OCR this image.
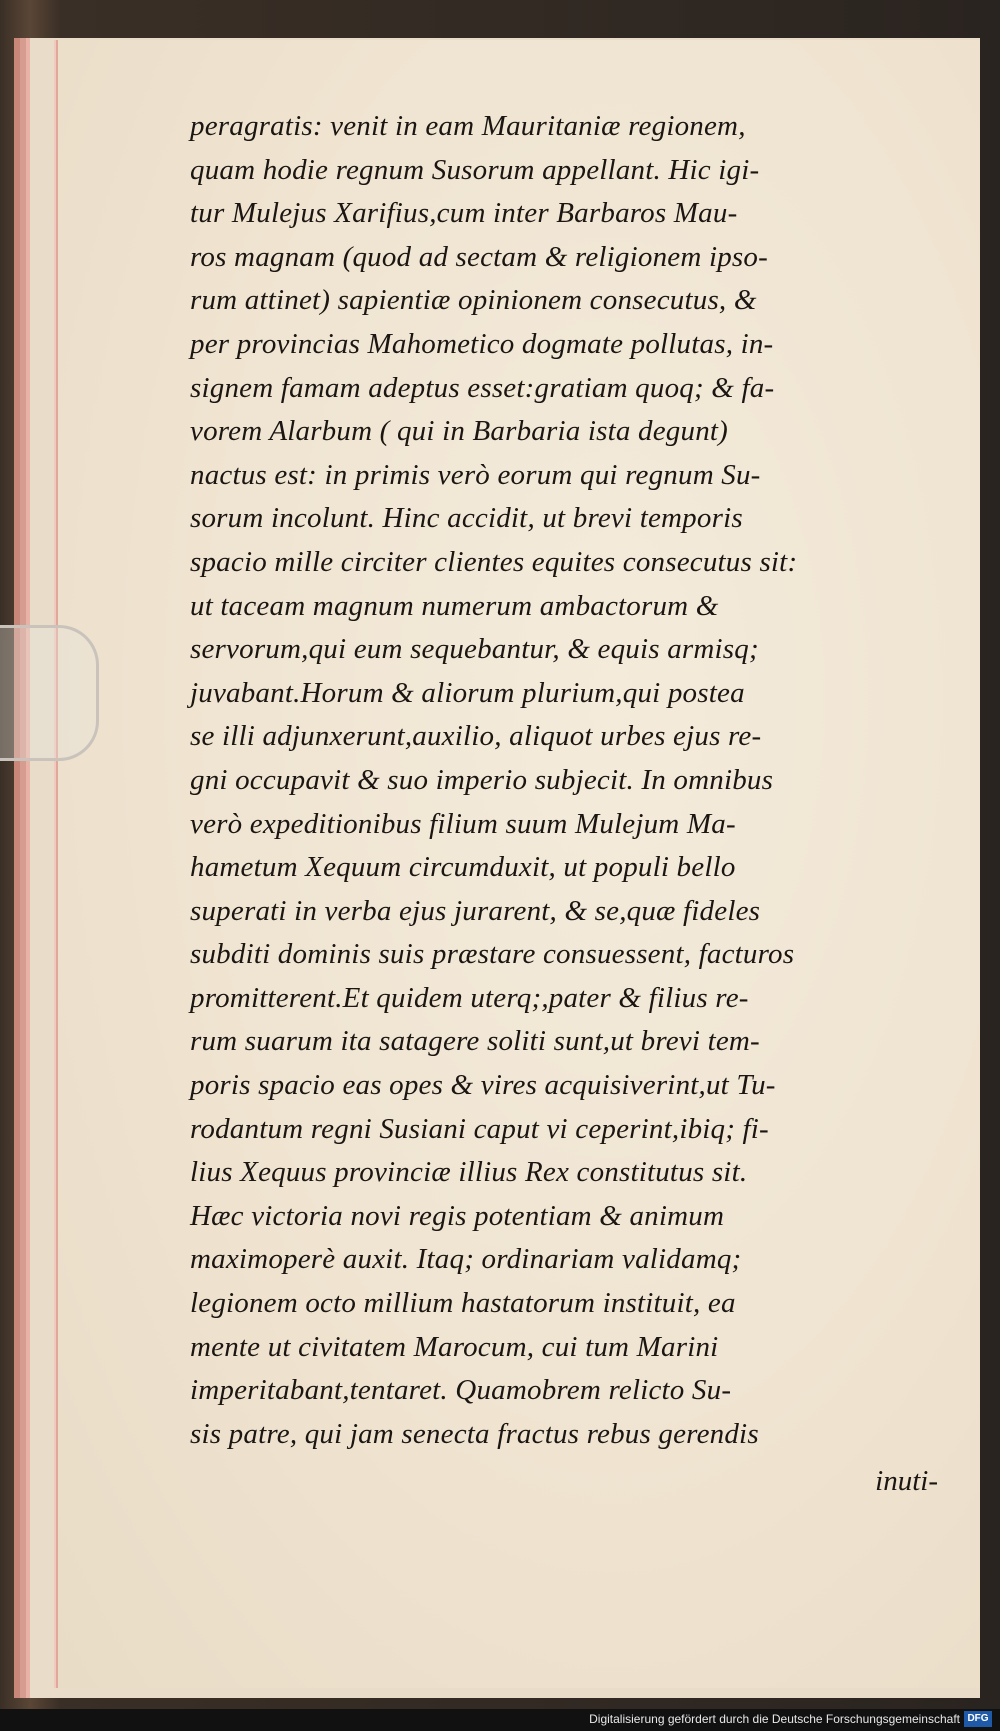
peragratis: venit in eam Mauritaniæ regionem,
quam hodie regnum Susorum appellant. Hic igi-
tur Mulejus Xarifius,cum inter Barbaros Mau-
ros magnam (quod ad sectam & religionem ipso-
rum attinet) sapientiæ opinionem consecutus, &
per provincias Mahometico dogmate pollutas, in-
signem famam adeptus esset:gratiam quoq; & fa-
vorem Alarbum ( qui in Barbaria ista degunt)
nactus est: in primis verò eorum qui regnum Su-
sorum incolunt. Hinc accidit, ut brevi temporis
spacio mille circiter clientes equites consecutus sit:
ut taceam magnum numerum ambactorum &
servorum,qui eum sequebantur, & equis armisq;
juvabant.Horum & aliorum plurium,qui postea
se illi adjunxerunt,auxilio, aliquot urbes ejus re-
gni occupavit & suo imperio subjecit. In omnibus
verò expeditionibus filium suum Mulejum Ma-
hametum Xequum circumduxit, ut populi bello
superati in verba ejus jurarent, & se,quæ fideles
subditi dominis suis præstare consuessent, facturos
promitterent.Et quidem uterq;,pater & filius re-
rum suarum ita satagere soliti sunt,ut brevi tem-
poris spacio eas opes & vires acquisiverint,ut Tu-
rodantum regni Susiani caput vi ceperint,ibiq; fi-
lius Xequus provinciæ illius Rex constitutus sit.
Hæc victoria novi regis potentiam & animum
maximoperè auxit. Itaq; ordinariam validamq;
legionem octo millium hastatorum instituit, ea
mente ut civitatem Marocum, cui tum Marini
imperitabant,tentaret. Quamobrem relicto Su-
sis patre, qui jam senecta fractus rebus gerendis
inuti-
Digitalisierung gefördert durch die Deutsche Forschungsgemeinschaft DFG
